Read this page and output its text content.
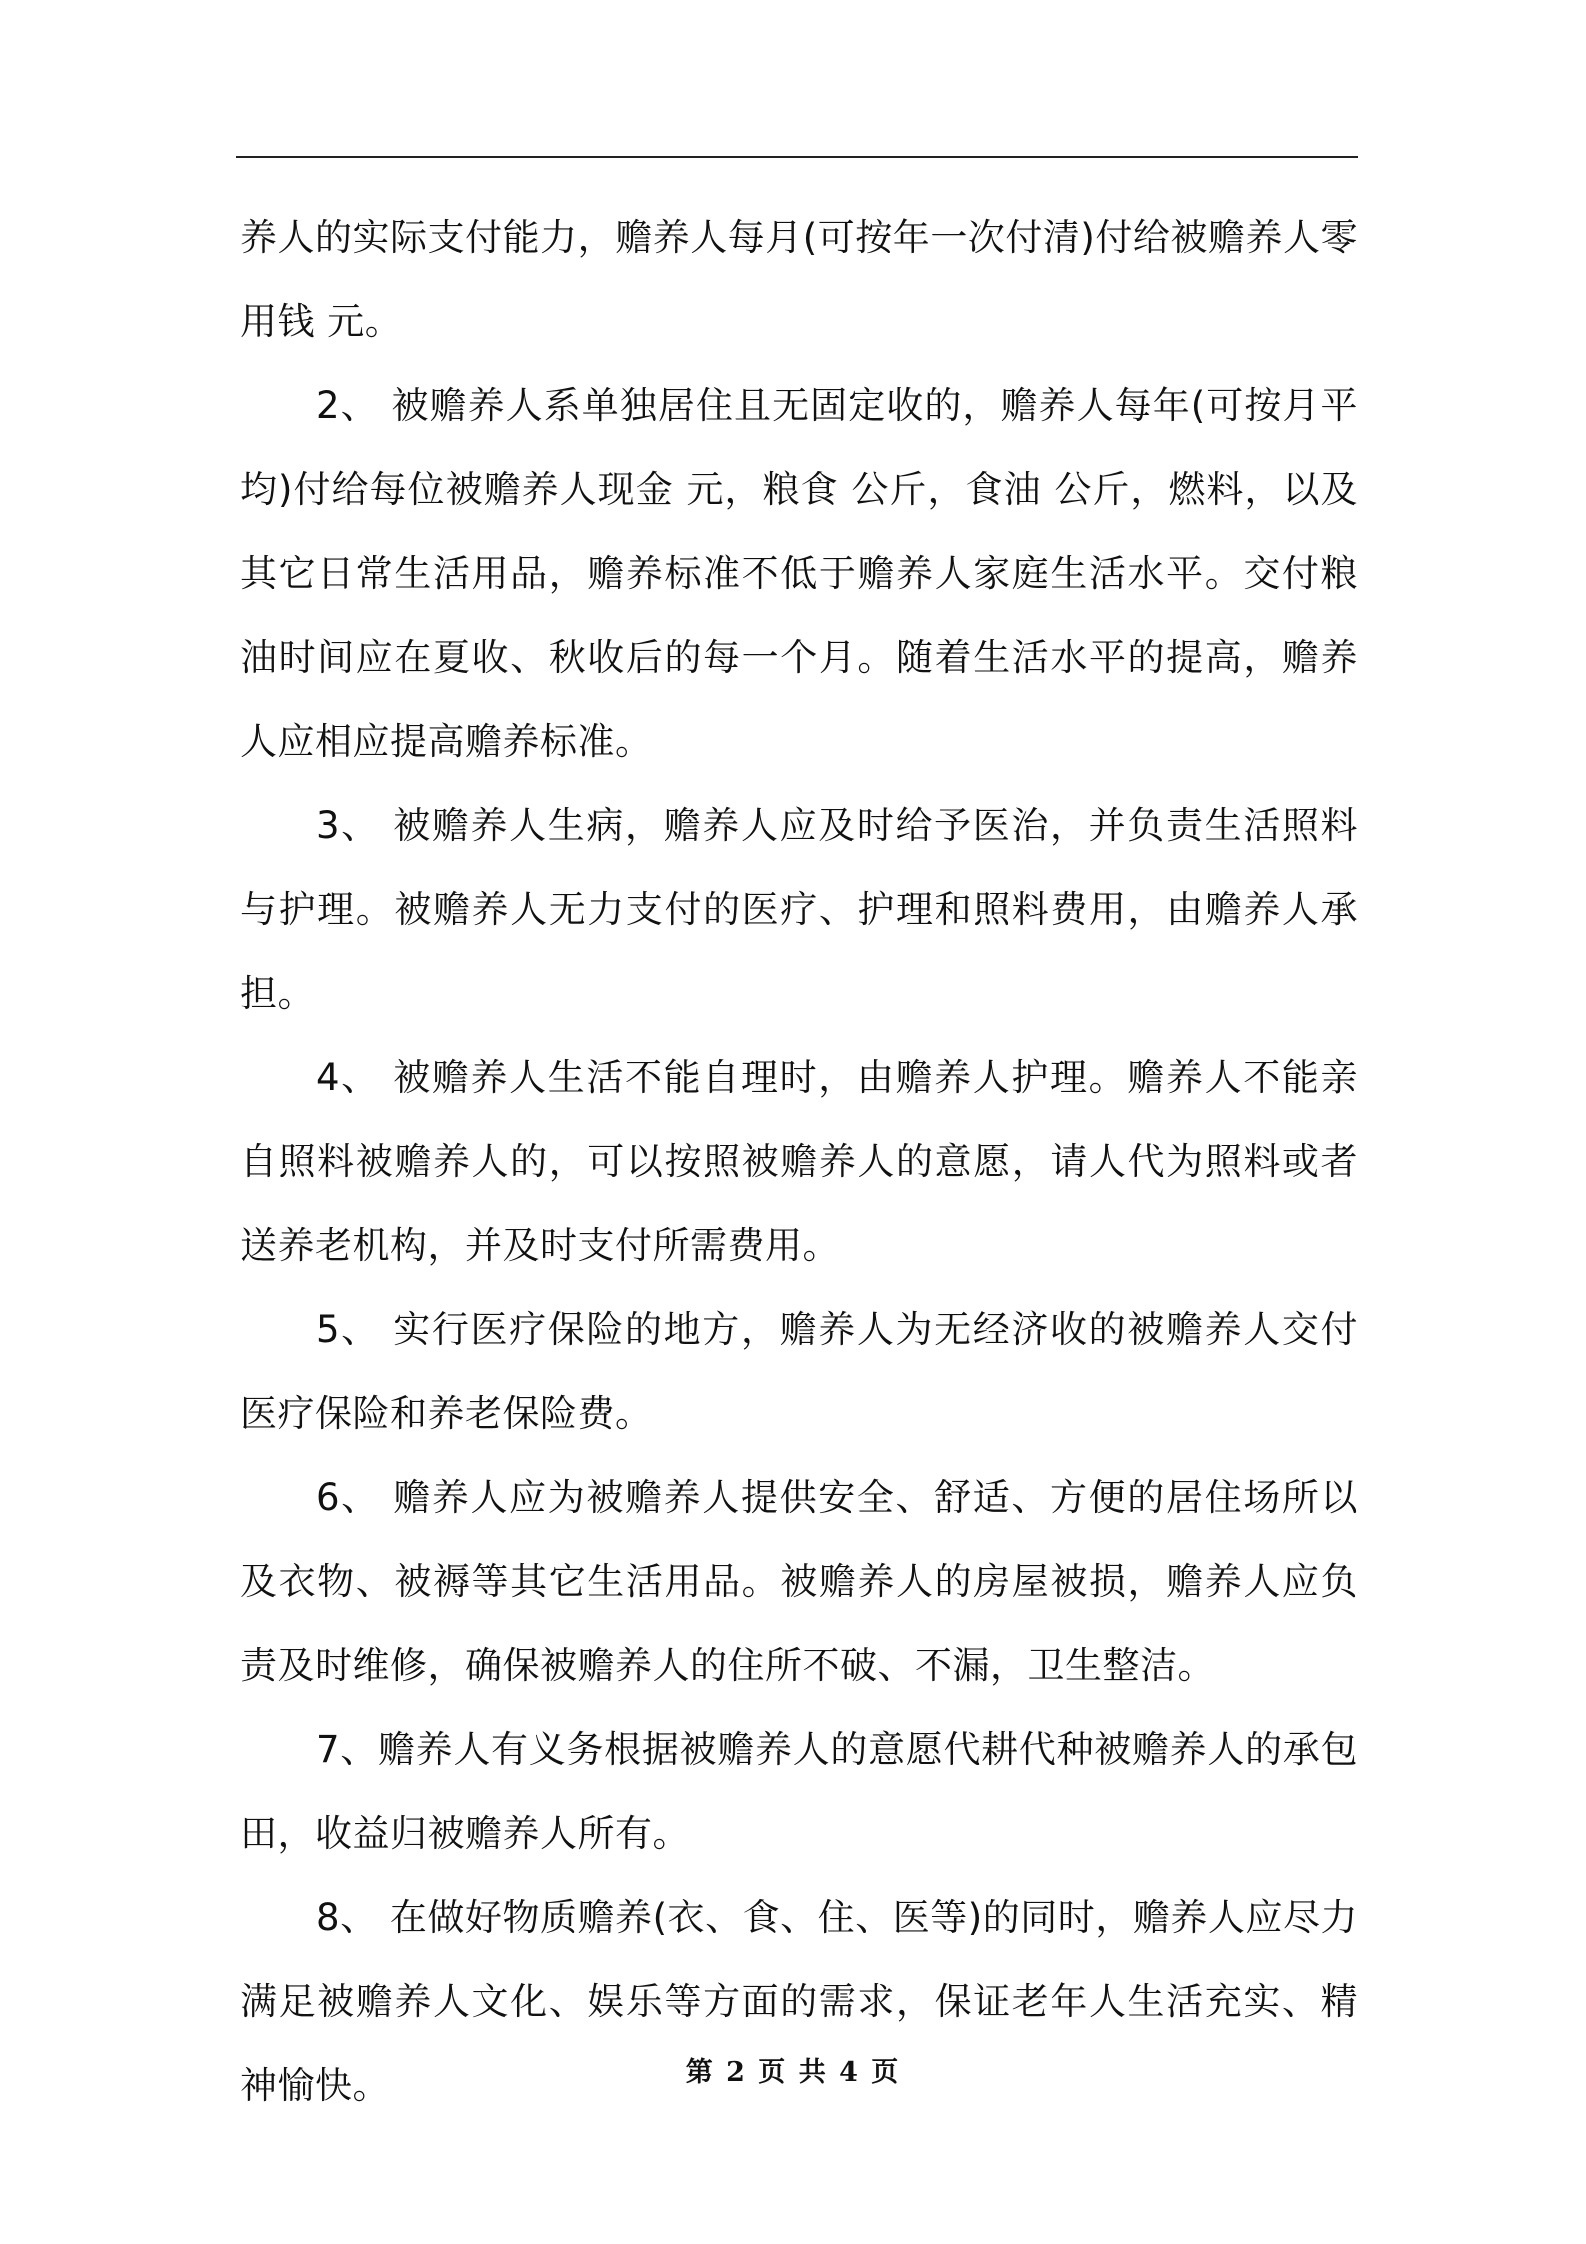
养人的实际支付能力，赡养人每月(可按年一次付清)付给被赡养人零用钱 元。

2、 被赡养人系单独居住且无固定收的，赡养人每年(可按月平均)付给每位被赡养人现金 元，粮食 公斤，食油 公斤，燃料，以及其它日常生活用品，赡养标准不低于赡养人家庭生活水平。交付粮油时间应在夏收、秋收后的每一个月。随着生活水平的提高，赡养人应相应提高赡养标准。

3、 被赡养人生病，赡养人应及时给予医治，并负责生活照料与护理。被赡养人无力支付的医疗、护理和照料费用，由赡养人承担。

4、 被赡养人生活不能自理时，由赡养人护理。赡养人不能亲自照料被赡养人的，可以按照被赡养人的意愿，请人代为照料或者送养老机构，并及时支付所需费用。

5、 实行医疗保险的地方，赡养人为无经济收的被赡养人交付医疗保险和养老保险费。

6、 赡养人应为被赡养人提供安全、舒适、方便的居住场所以及衣物、被褥等其它生活用品。被赡养人的房屋被损，赡养人应负责及时维修，确保被赡养人的住所不破、不漏，卫生整洁。

7、赡养人有义务根据被赡养人的意愿代耕代种被赡养人的承包田，收益归被赡养人所有。

8、 在做好物质赡养(衣、食、住、医等)的同时，赡养人应尽力满足被赡养人文化、娱乐等方面的需求，保证老年人生活充实、精神愉快。	第 2 页 共 4 页
